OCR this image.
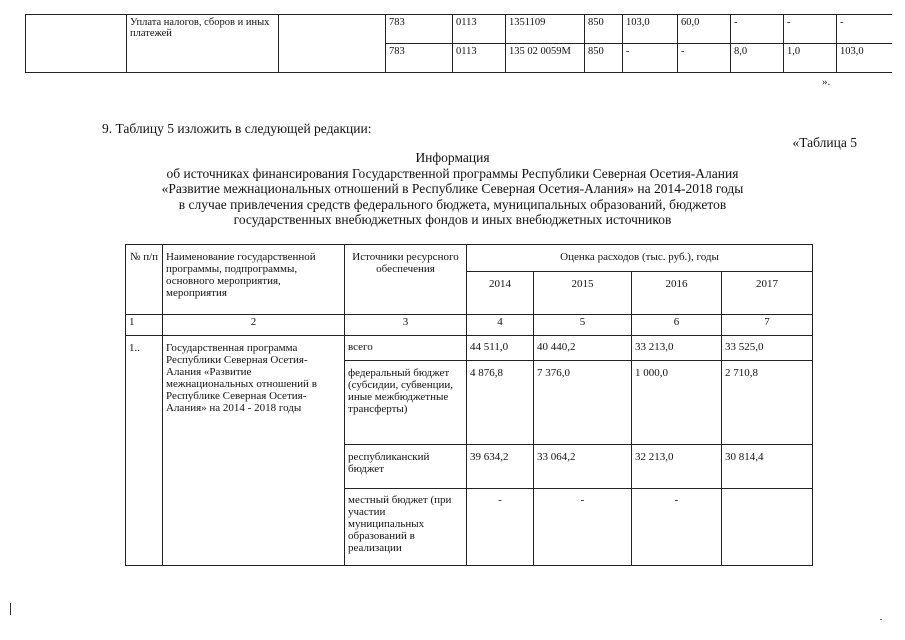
	Уплата налогов, сборов и иных платежей		783	0113	1351109	850	103,0	60,0	-	-	-
			783	0113	135 02 0059M	850	-	-	8,0	1,0	103,0
».
9. Таблицу 5 изложить в следующей редакции:
«Таблица 5
Информация
об источниках финансирования Государственной программы Республики Северная Осетия-Алания
«Развитие межнациональных отношений в Республике Северная Осетия-Алания» на 2014-2018 годы
в случае привлечения средств федерального бюджета, муниципальных образований, бюджетов
государственных внебюджетных фондов и иных внебюджетных источников
№ п/п	Наименование государственной программы, подпрограммы, основного мероприятия, мероприятия	Источники ресурсного обеспечения	Оценка расходов (тыс. руб.), годы			
			2014	2015	2016	2017
1	2	3	4	5	6	7
1..	Государственная программа Республики Северная Осетия-Алания «Развитие межнациональных отношений в Республике Северная Осетия-Алания» на 2014 - 2018 годы	всего	44 511,0	40 440,2	33 213,0	33 525,0
		федеральный бюджет (субсидии, субвенции, иные межбюджетные трансферты)	4 876,8	7 376,0	1 000,0	2 710,8
		республиканский бюджет	39 634,2	33 064,2	32 213,0	30 814,4
		местный бюджет (при участии муниципальных образований в реализации	-	-	-	
